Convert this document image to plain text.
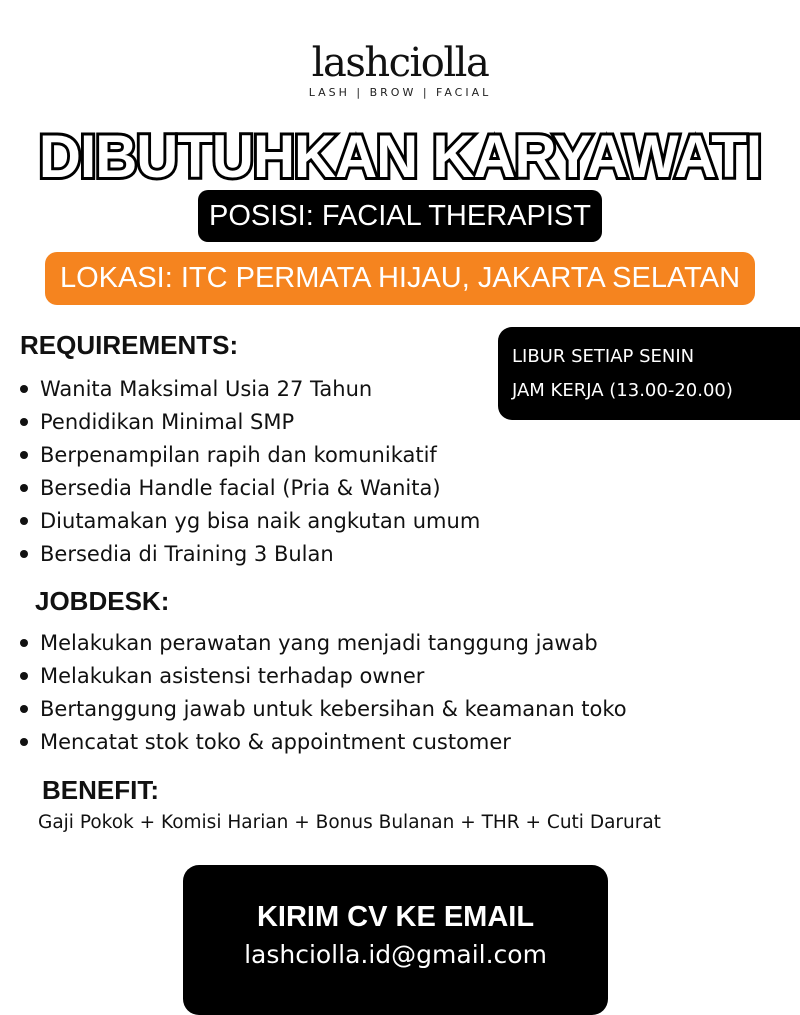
lashciolla
LASH | BROW | FACIAL
DIBUTUHKAN KARYAWATI
POSISI: FACIAL THERAPIST
LOKASI: ITC PERMATA HIJAU, JAKARTA SELATAN
REQUIREMENTS:	LIBUR SETIAP SENIN
JAM KERJA (13.00-20.00)
Wanita Maksimal Usia 27 Tahun
Pendidikan Minimal SMP
Berpenampilan rapih dan komunikatif
Bersedia Handle facial (Pria & Wanita)
Diutamakan yg bisa naik angkutan umum
Bersedia di Training 3 Bulan
JOBDESK:
Melakukan perawatan yang menjadi tanggung jawab
Melakukan asistensi terhadap owner
Bertanggung jawab untuk kebersihan & keamanan toko
Mencatat stok toko & appointment customer
BENEFIT:
Gaji Pokok + Komisi Harian + Bonus Bulanan + THR + Cuti Darurat
KIRIM CV KE EMAIL
lashciolla.id@gmail.com
